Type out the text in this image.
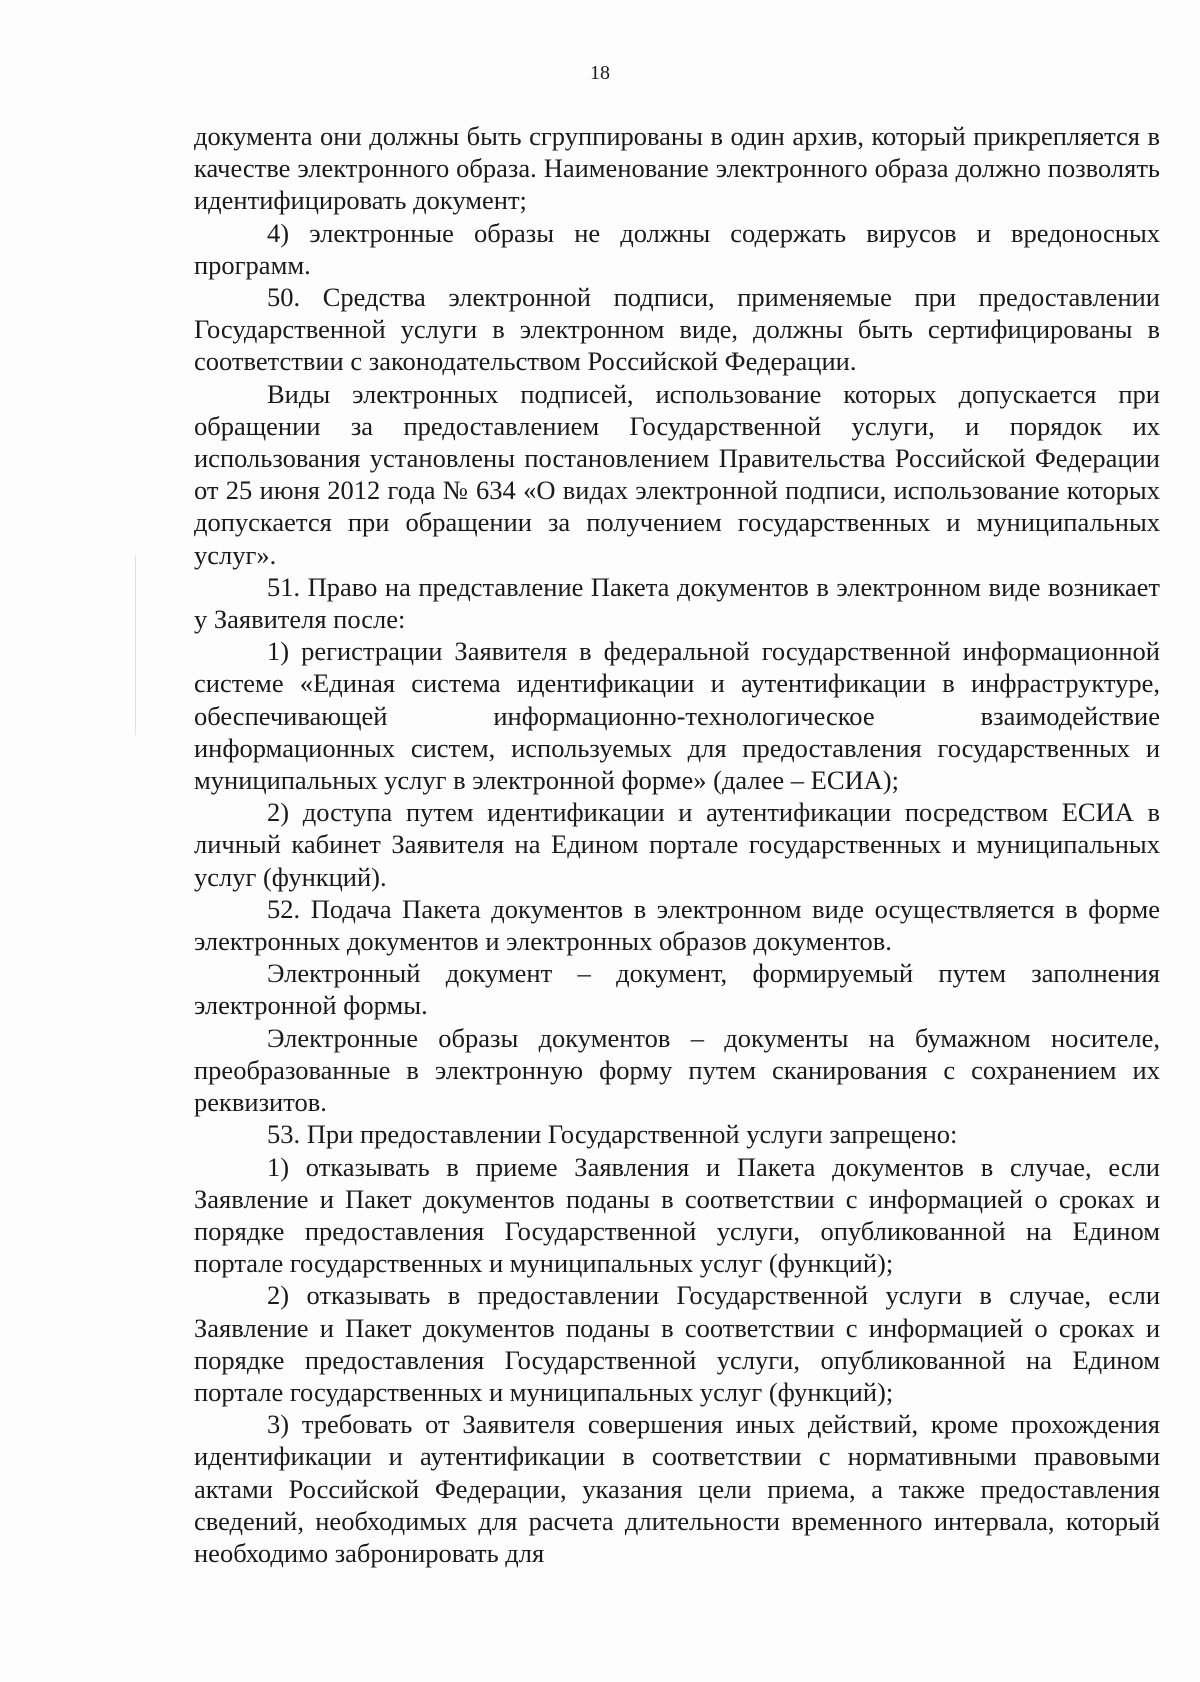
18

документа они должны быть сгруппированы в один архив, который прикрепляется в качестве электронного образа. Наименование электронного образа должно позволять идентифицировать документ;

4) электронные образы не должны содержать вирусов и вредоносных программ.

50. Средства электронной подписи, применяемые при предоставлении Государственной услуги в электронном виде, должны быть сертифицированы в соответствии с законодательством Российской Федерации.

Виды электронных подписей, использование которых допускается при обращении за предоставлением Государственной услуги, и порядок их использования установлены постановлением Правительства Российской Федерации от 25 июня 2012 года № 634 «О видах электронной подписи, использование которых допускается при обращении за получением государственных и муниципальных услуг».

51. Право на представление Пакета документов в электронном виде возникает у Заявителя после:

1) регистрации Заявителя в федеральной государственной информационной системе «Единая система идентификации и аутентификации в инфраструктуре, обеспечивающей информационно-технологическое взаимодействие информационных систем, используемых для предоставления государственных и муниципальных услуг в электронной форме» (далее – ЕСИА);

2) доступа путем идентификации и аутентификации посредством ЕСИА в личный кабинет Заявителя на Едином портале государственных и муниципальных услуг (функций).

52. Подача Пакета документов в электронном виде осуществляется в форме электронных документов и электронных образов документов.

Электронный документ – документ, формируемый путем заполнения электронной формы.

Электронные образы документов – документы на бумажном носителе, преобразованные в электронную форму путем сканирования с сохранением их реквизитов.

53. При предоставлении Государственной услуги запрещено:

1) отказывать в приеме Заявления и Пакета документов в случае, если Заявление и Пакет документов поданы в соответствии с информацией о сроках и порядке предоставления Государственной услуги, опубликованной на Едином портале государственных и муниципальных услуг (функций);

2) отказывать в предоставлении Государственной услуги в случае, если Заявление и Пакет документов поданы в соответствии с информацией о сроках и порядке предоставления Государственной услуги, опубликованной на Едином портале государственных и муниципальных услуг (функций);

3) требовать от Заявителя совершения иных действий, кроме прохождения идентификации и аутентификации в соответствии с нормативными правовыми актами Российской Федерации, указания цели приема, а также предоставления сведений, необходимых для расчета длительности временного интервала, который необходимо забронировать для
